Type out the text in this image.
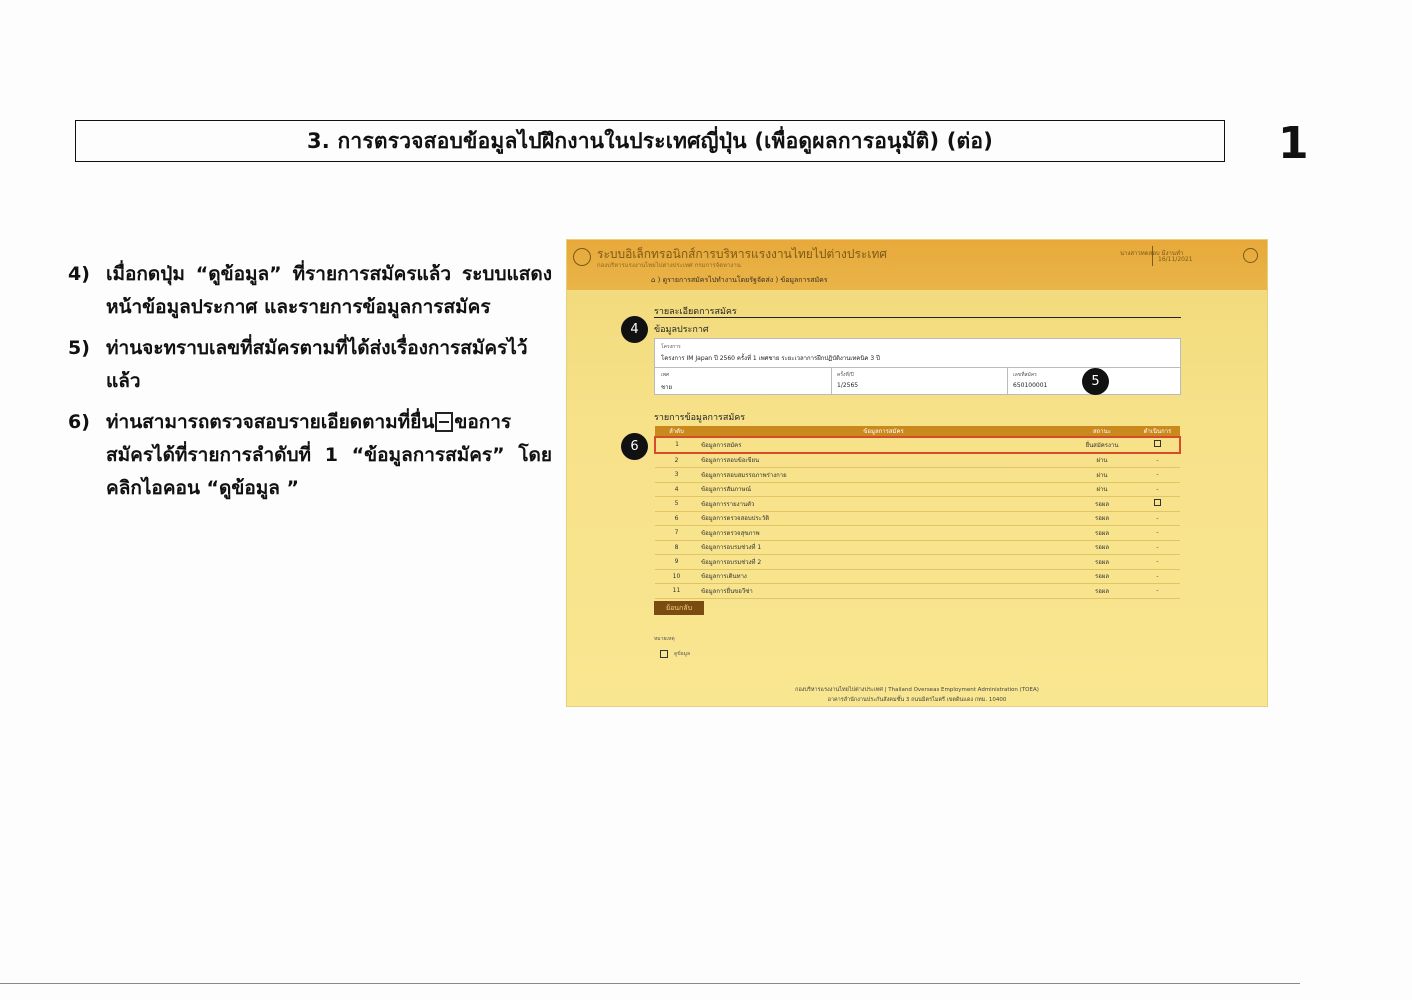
3. การตรวจสอบข้อมูลไปฝึกงานในประเทศญี่ปุ่น (เพื่อดูผลการอนุมัติ) (ต่อ)	1
4) เมื่อกดปุ่ม “ดูข้อมูล” ที่รายการสมัครแล้ว ระบบแสดงหน้าข้อมูลประกาศ และรายการข้อมูลการสมัคร
5) ท่านจะทราบเลขที่สมัครตามที่ได้ส่งเรื่องการสมัครไว้แล้ว
6) ท่านสามารถตรวจสอบรายเอียดตามที่ยื่น ขอการสมัครได้ที่รายการลำดับที่ 1 “ข้อมูลการสมัคร” โดยคลิกไอคอน “ดูข้อมูล ”
ระบบอิเล็กทรอนิกส์การบริหารแรงงานไทยไปต่างประเทศ
กองบริหารแรงงานไทยไปต่างประเทศ กรมการจัดหางาน
นางสาวทดสอบ มีงานทำ
16/11/2021
⌂ ) ดูรายการสมัครไปทำงานโดยรัฐจัดส่ง ) ข้อมูลการสมัคร
รายละเอียดการสมัคร
ข้อมูลประกาศ
โครงการ
โครงการ IM Japan ปี 2560 ครั้งที่ 1 เพศชาย ระยะเวลาการฝึกปฏิบัติงานเทคนิค 3 ปี
เพศ
ชาย
ครั้งที่/ปี
1/2565
เลขที่สมัคร
650100001
รายการข้อมูลการสมัคร
ลำดับ	ข้อมูลการสมัคร	สถานะ	ดำเนินการ
1	ข้อมูลการสมัคร	ยื่นสมัครงาน	
2	ข้อมูลการสอบข้อเขียน	ผ่าน	-
3	ข้อมูลการสอบสมรรถภาพร่างกาย	ผ่าน	-
4	ข้อมูลการสัมภาษณ์	ผ่าน	-
5	ข้อมูลการรายงานตัว	รอผล	
6	ข้อมูลการตรวจสอบประวัติ	รอผล	-
7	ข้อมูลการตรวจสุขภาพ	รอผล	-
8	ข้อมูลการอบรมช่วงที่ 1	รอผล	-
9	ข้อมูลการอบรมช่วงที่ 2	รอผล	-
10	ข้อมูลการเดินทาง	รอผล	-
11	ข้อมูลการยื่นขอวีซ่า	รอผล	-
ย้อนกลับ
หมายเหตุ
ดูข้อมูล
กองบริหารแรงงานไทยไปต่างประเทศ | Thailand Overseas Employment Administration (TOEA)
อาคารสำนักงานประกันสังคมชั้น 3 ถนนมิตรไมตรี เขตดินแดง กทม. 10400
4
5
6
